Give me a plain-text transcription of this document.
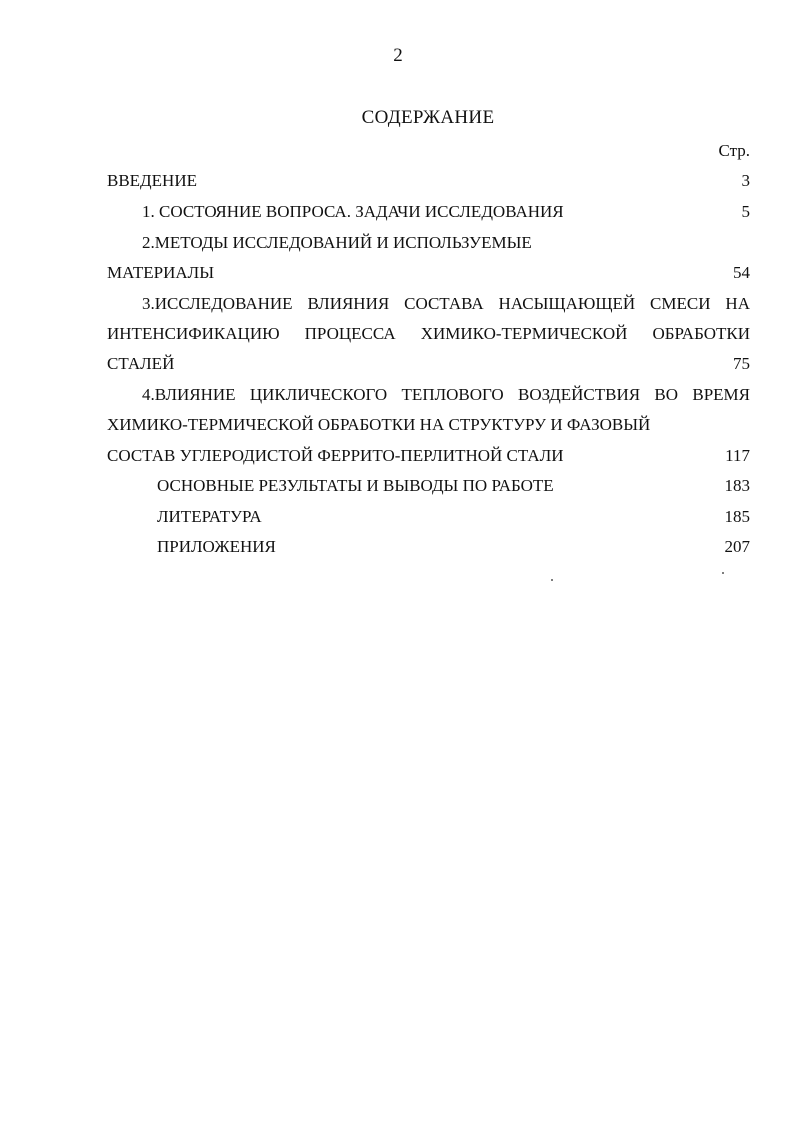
2
СОДЕРЖАНИЕ
Стр.
ВВЕДЕНИЕ	3
1. СОСТОЯНИЕ ВОПРОСА. ЗАДАЧИ ИССЛЕДОВАНИЯ	5
2.МЕТОДЫ ИССЛЕДОВАНИЙ И ИСПОЛЬЗУЕМЫЕ
МАТЕРИАЛЫ	54
3.ИССЛЕДОВАНИЕ ВЛИЯНИЯ СОСТАВА НАСЫЩАЮЩЕЙ СМЕСИ НА
ИНТЕНСИФИКАЦИЮ ПРОЦЕССА ХИМИКО-ТЕРМИЧЕСКОЙ ОБРАБОТКИ
СТАЛЕЙ	75
4.ВЛИЯНИЕ ЦИКЛИЧЕСКОГО ТЕПЛОВОГО ВОЗДЕЙСТВИЯ ВО ВРЕМЯ
ХИМИКО-ТЕРМИЧЕСКОЙ ОБРАБОТКИ НА СТРУКТУРУ И ФАЗОВЫЙ
СОСТАВ УГЛЕРОДИСТОЙ ФЕРРИТО-ПЕРЛИТНОЙ СТАЛИ	117
ОСНОВНЫЕ РЕЗУЛЬТАТЫ И ВЫВОДЫ ПО РАБОТЕ	183
ЛИТЕРАТУРА	185
ПРИЛОЖЕНИЯ	207
